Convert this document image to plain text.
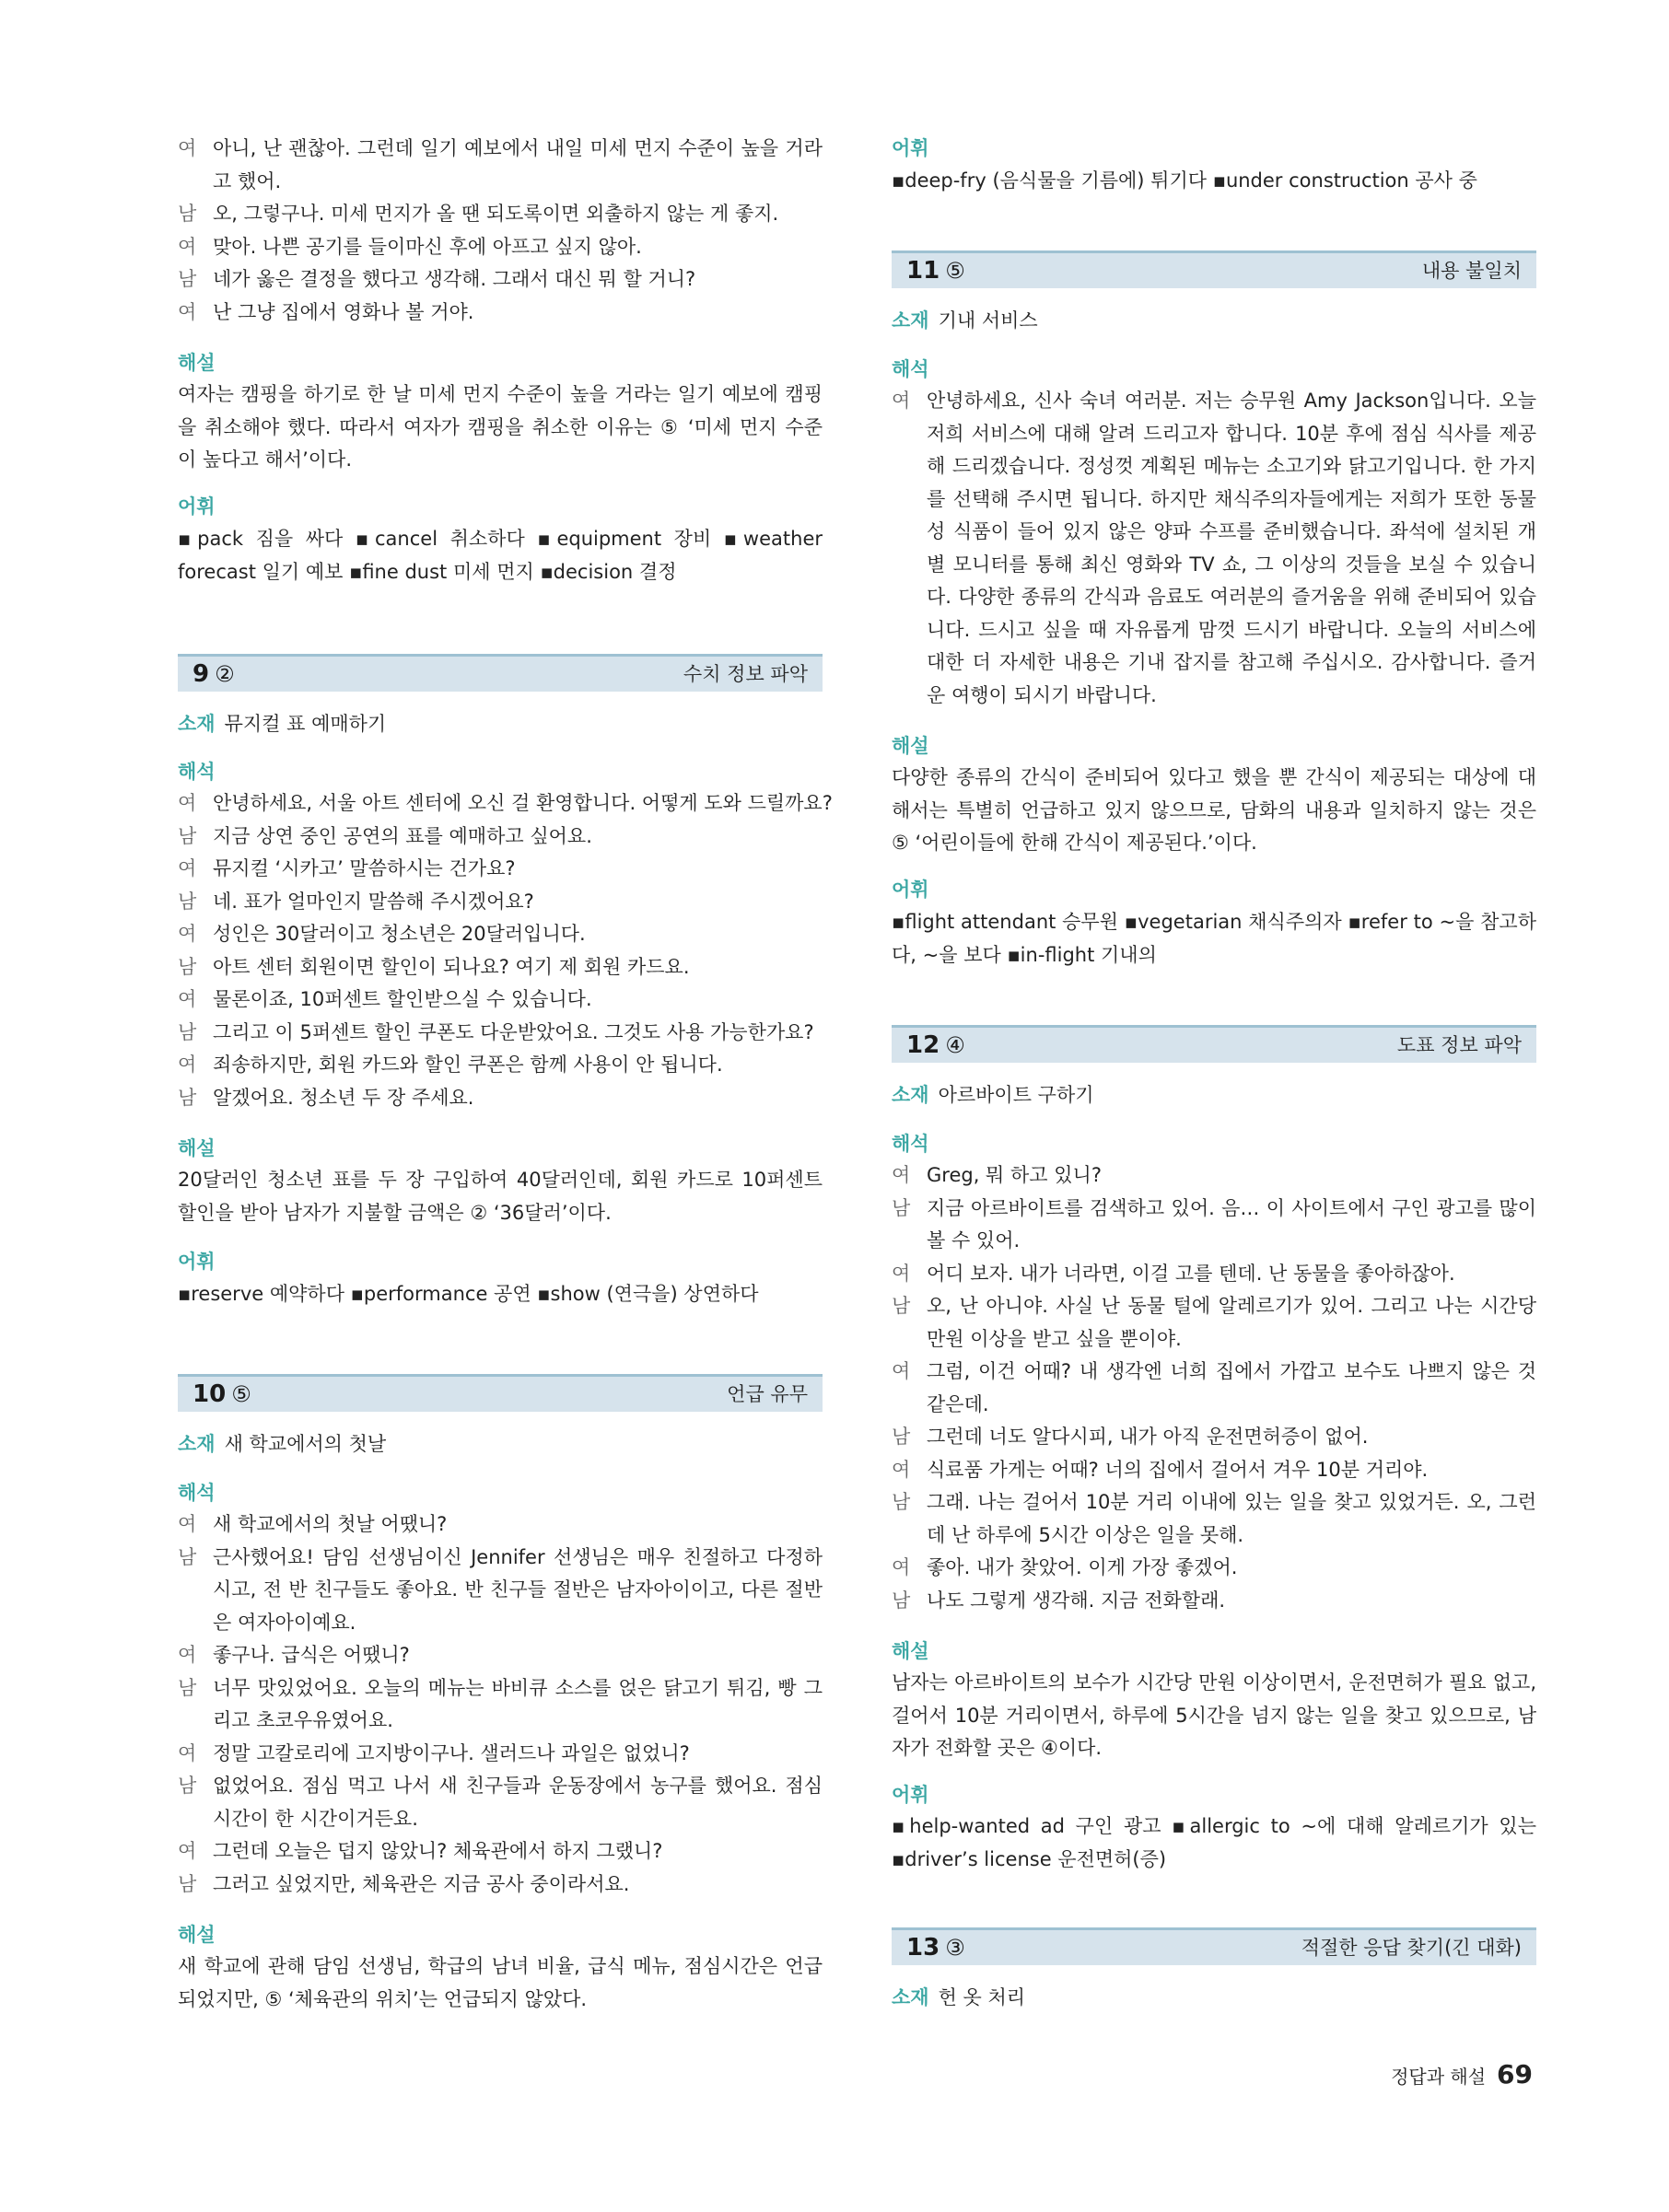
여 아니, 난 괜찮아. 그런데 일기 예보에서 내일 미세 먼지 수준이 높을 거라
고 했어.
남 오, 그렇구나. 미세 먼지가 올 땐 되도록이면 외출하지 않는 게 좋지.
여 맞아. 나쁜 공기를 들이마신 후에 아프고 싶지 않아.
남 네가 옳은 결정을 했다고 생각해. 그래서 대신 뭐 할 거니?
여 난 그냥 집에서 영화나 볼 거야.
해설
여자는 캠핑을 하기로 한 날 미세 먼지 수준이 높을 거라는 일기 예보에 캠핑
을 취소해야 했다. 따라서 여자가 캠핑을 취소한 이유는 ⑤ ‘미세 먼지 수준
이 높다고 해서’이다.
어휘
▪pack 짐을 싸다 ▪cancel 취소하다 ▪equipment 장비 ▪weather
forecast 일기 예보 ▪fine dust 미세 먼지 ▪decision 결정
9 ②	수치 정보 파악
소재 뮤지컬 표 예매하기
해석
여 안녕하세요, 서울 아트 센터에 오신 걸 환영합니다. 어떻게 도와 드릴까요?
남 지금 상연 중인 공연의 표를 예매하고 싶어요.
여 뮤지컬 ‘시카고’ 말씀하시는 건가요?
남 네. 표가 얼마인지 말씀해 주시겠어요?
여 성인은 30달러이고 청소년은 20달러입니다.
남 아트 센터 회원이면 할인이 되나요? 여기 제 회원 카드요.
여 물론이죠, 10퍼센트 할인받으실 수 있습니다.
남 그리고 이 5퍼센트 할인 쿠폰도 다운받았어요. 그것도 사용 가능한가요?
여 죄송하지만, 회원 카드와 할인 쿠폰은 함께 사용이 안 됩니다.
남 알겠어요. 청소년 두 장 주세요.
해설
20달러인 청소년 표를 두 장 구입하여 40달러인데, 회원 카드로 10퍼센트
할인을 받아 남자가 지불할 금액은 ② ‘36달러’이다.
어휘
▪reserve 예약하다 ▪performance 공연 ▪show (연극을) 상연하다
10 ⑤	언급 유무
소재 새 학교에서의 첫날
해석
여 새 학교에서의 첫날 어땠니?
남 근사했어요! 담임 선생님이신 Jennifer 선생님은 매우 친절하고 다정하
시고, 전 반 친구들도 좋아요. 반 친구들 절반은 남자아이이고, 다른 절반
은 여자아이예요.
여 좋구나. 급식은 어땠니?
남 너무 맛있었어요. 오늘의 메뉴는 바비큐 소스를 얹은 닭고기 튀김, 빵 그
리고 초코우유였어요.
여 정말 고칼로리에 고지방이구나. 샐러드나 과일은 없었니?
남 없었어요. 점심 먹고 나서 새 친구들과 운동장에서 농구를 했어요. 점심
시간이 한 시간이거든요.
여 그런데 오늘은 덥지 않았니? 체육관에서 하지 그랬니?
남 그러고 싶었지만, 체육관은 지금 공사 중이라서요.
해설
새 학교에 관해 담임 선생님, 학급의 남녀 비율, 급식 메뉴, 점심시간은 언급
되었지만, ⑤ ‘체육관의 위치’는 언급되지 않았다.
어휘
▪deep-fry (음식물을 기름에) 튀기다 ▪under construction 공사 중
11 ⑤	내용 불일치
소재 기내 서비스
해석
여 안녕하세요, 신사 숙녀 여러분. 저는 승무원 Amy Jackson입니다. 오늘
저희 서비스에 대해 알려 드리고자 합니다. 10분 후에 점심 식사를 제공
해 드리겠습니다. 정성껏 계획된 메뉴는 소고기와 닭고기입니다. 한 가지
를 선택해 주시면 됩니다. 하지만 채식주의자들에게는 저희가 또한 동물
성 식품이 들어 있지 않은 양파 수프를 준비했습니다. 좌석에 설치된 개
별 모니터를 통해 최신 영화와 TV 쇼, 그 이상의 것들을 보실 수 있습니
다. 다양한 종류의 간식과 음료도 여러분의 즐거움을 위해 준비되어 있습
니다. 드시고 싶을 때 자유롭게 맘껏 드시기 바랍니다. 오늘의 서비스에
대한 더 자세한 내용은 기내 잡지를 참고해 주십시오. 감사합니다. 즐거
운 여행이 되시기 바랍니다.
해설
다양한 종류의 간식이 준비되어 있다고 했을 뿐 간식이 제공되는 대상에 대
해서는 특별히 언급하고 있지 않으므로, 담화의 내용과 일치하지 않는 것은
⑤ ‘어린이들에 한해 간식이 제공된다.’이다.
어휘
▪flight attendant 승무원 ▪vegetarian 채식주의자 ▪refer to ~을 참고하
다, ~을 보다 ▪in-flight 기내의
12 ④	도표 정보 파악
소재 아르바이트 구하기
해석
여 Greg, 뭐 하고 있니?
남 지금 아르바이트를 검색하고 있어. 음… 이 사이트에서 구인 광고를 많이
볼 수 있어.
여 어디 보자. 내가 너라면, 이걸 고를 텐데. 난 동물을 좋아하잖아.
남 오, 난 아니야. 사실 난 동물 털에 알레르기가 있어. 그리고 나는 시간당
만원 이상을 받고 싶을 뿐이야.
여 그럼, 이건 어때? 내 생각엔 너희 집에서 가깝고 보수도 나쁘지 않은 것
같은데.
남 그런데 너도 알다시피, 내가 아직 운전면허증이 없어.
여 식료품 가게는 어때? 너의 집에서 걸어서 겨우 10분 거리야.
남 그래. 나는 걸어서 10분 거리 이내에 있는 일을 찾고 있었거든. 오, 그런
데 난 하루에 5시간 이상은 일을 못해.
여 좋아. 내가 찾았어. 이게 가장 좋겠어.
남 나도 그렇게 생각해. 지금 전화할래.
해설
남자는 아르바이트의 보수가 시간당 만원 이상이면서, 운전면허가 필요 없고,
걸어서 10분 거리이면서, 하루에 5시간을 넘지 않는 일을 찾고 있으므로, 남
자가 전화할 곳은 ④이다.
어휘
▪help-wanted ad 구인 광고 ▪allergic to ~에 대해 알레르기가 있는
▪driver’s license 운전면허(증)
13 ③	적절한 응답 찾기(긴 대화)
소재 헌 옷 처리
정답과 해설 69
